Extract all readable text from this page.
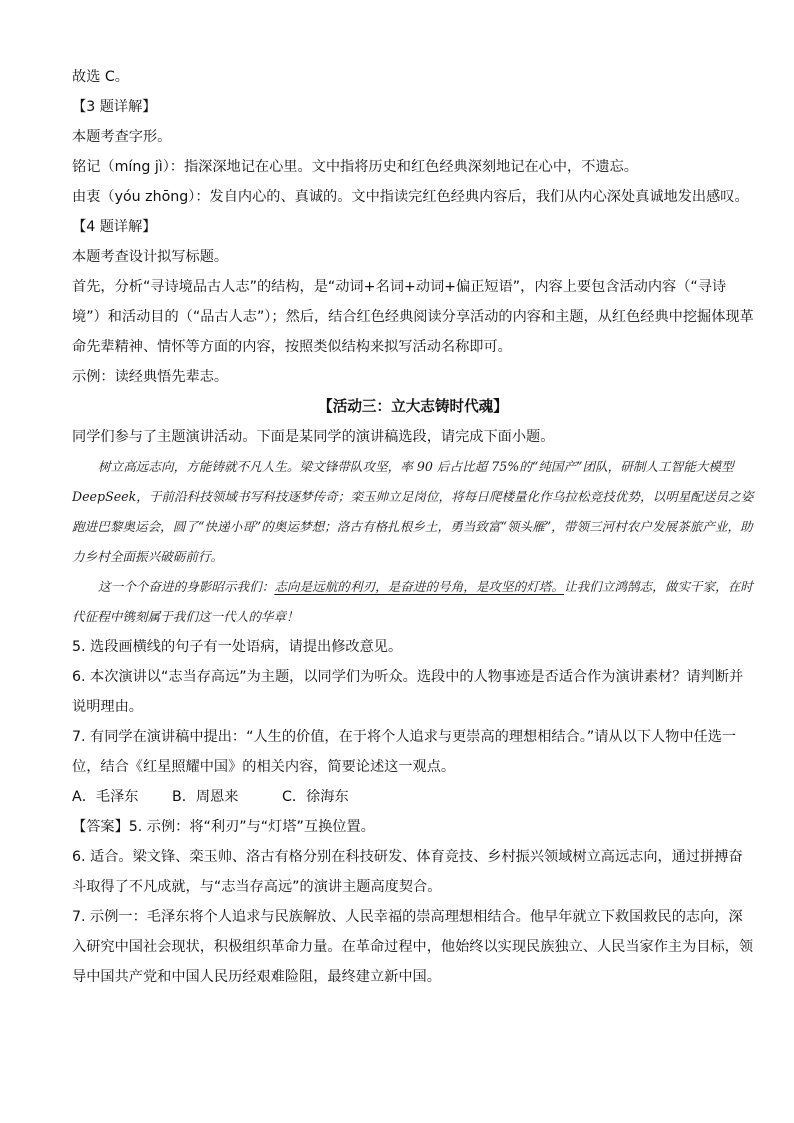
故选 C。

【3 题详解】

本题考查字形。

铭记（míng jì）：指深深地记在心里。文中指将历史和红色经典深刻地记在心中，不遗忘。

由衷（yóu zhōng）：发自内心的、真诚的。文中指读完红色经典内容后，我们从内心深处真诚地发出感叹。

【4 题详解】

本题考查设计拟写标题。

首先，分析“寻诗境品古人志”的结构，是“动词+名词+动词+偏正短语”，内容上要包含活动内容（“寻诗境”）和活动目的（“品古人志”）；然后，结合红色经典阅读分享活动的内容和主题，从红色经典中挖掘体现革命先辈精神、情怀等方面的内容，按照类似结构来拟写活动名称即可。

示例：读经典悟先辈志。

【活动三：立大志铸时代魂】

同学们参与了主题演讲活动。下面是某同学的演讲稿选段，请完成下面小题。

树立高远志向，方能铸就不凡人生。梁文锋带队攻坚，率 90 后占比超 75%的“纯国产”团队，研制人工智能大模型 DeepSeek，于前沿科技领域书写科技逐梦传奇；栾玉帅立足岗位，将每日爬楼量化作乌拉松竞技优势，以明星配送员之姿跑进巴黎奥运会，圆了“快递小哥”的奥运梦想；洛古有格扎根乡土，勇当致富“领头雁”，带领三河村农户发展茶旅产业，助力乡村全面振兴破砺前行。

这一个个奋进的身影昭示我们：志向是远航的利刃，是奋进的号角，是攻坚的灯塔。让我们立鸿鹄志，做实干家，在时代征程中镌刻属于我们这一代人的华章！

5. 选段画横线的句子有一处语病，请提出修改意见。

6. 本次演讲以“志当存高远”为主题，以同学们为听众。选段中的人物事迹是否适合作为演讲素材？请判断并说明理由。

7. 有同学在演讲稿中提出：“人生的价值，在于将个人追求与更崇高的理想相结合。”请从以下人物中任选一位，结合《红星照耀中国》的相关内容，简要论述这一观点。

A．毛泽东	B．周恩来	C．徐海东

【答案】5. 示例：将“利刃”与“灯塔”互换位置。

6. 适合。梁文锋、栾玉帅、洛古有格分别在科技研发、体育竞技、乡村振兴领域树立高远志向，通过拼搏奋斗取得了不凡成就，与“志当存高远”的演讲主题高度契合。

7. 示例一：毛泽东将个人追求与民族解放、人民幸福的崇高理想相结合。他早年就立下救国救民的志向，深入研究中国社会现状，积极组织革命力量。在革命过程中，他始终以实现民族独立、人民当家作主为目标，领导中国共产党和中国人民历经艰难险阻，最终建立新中国。
